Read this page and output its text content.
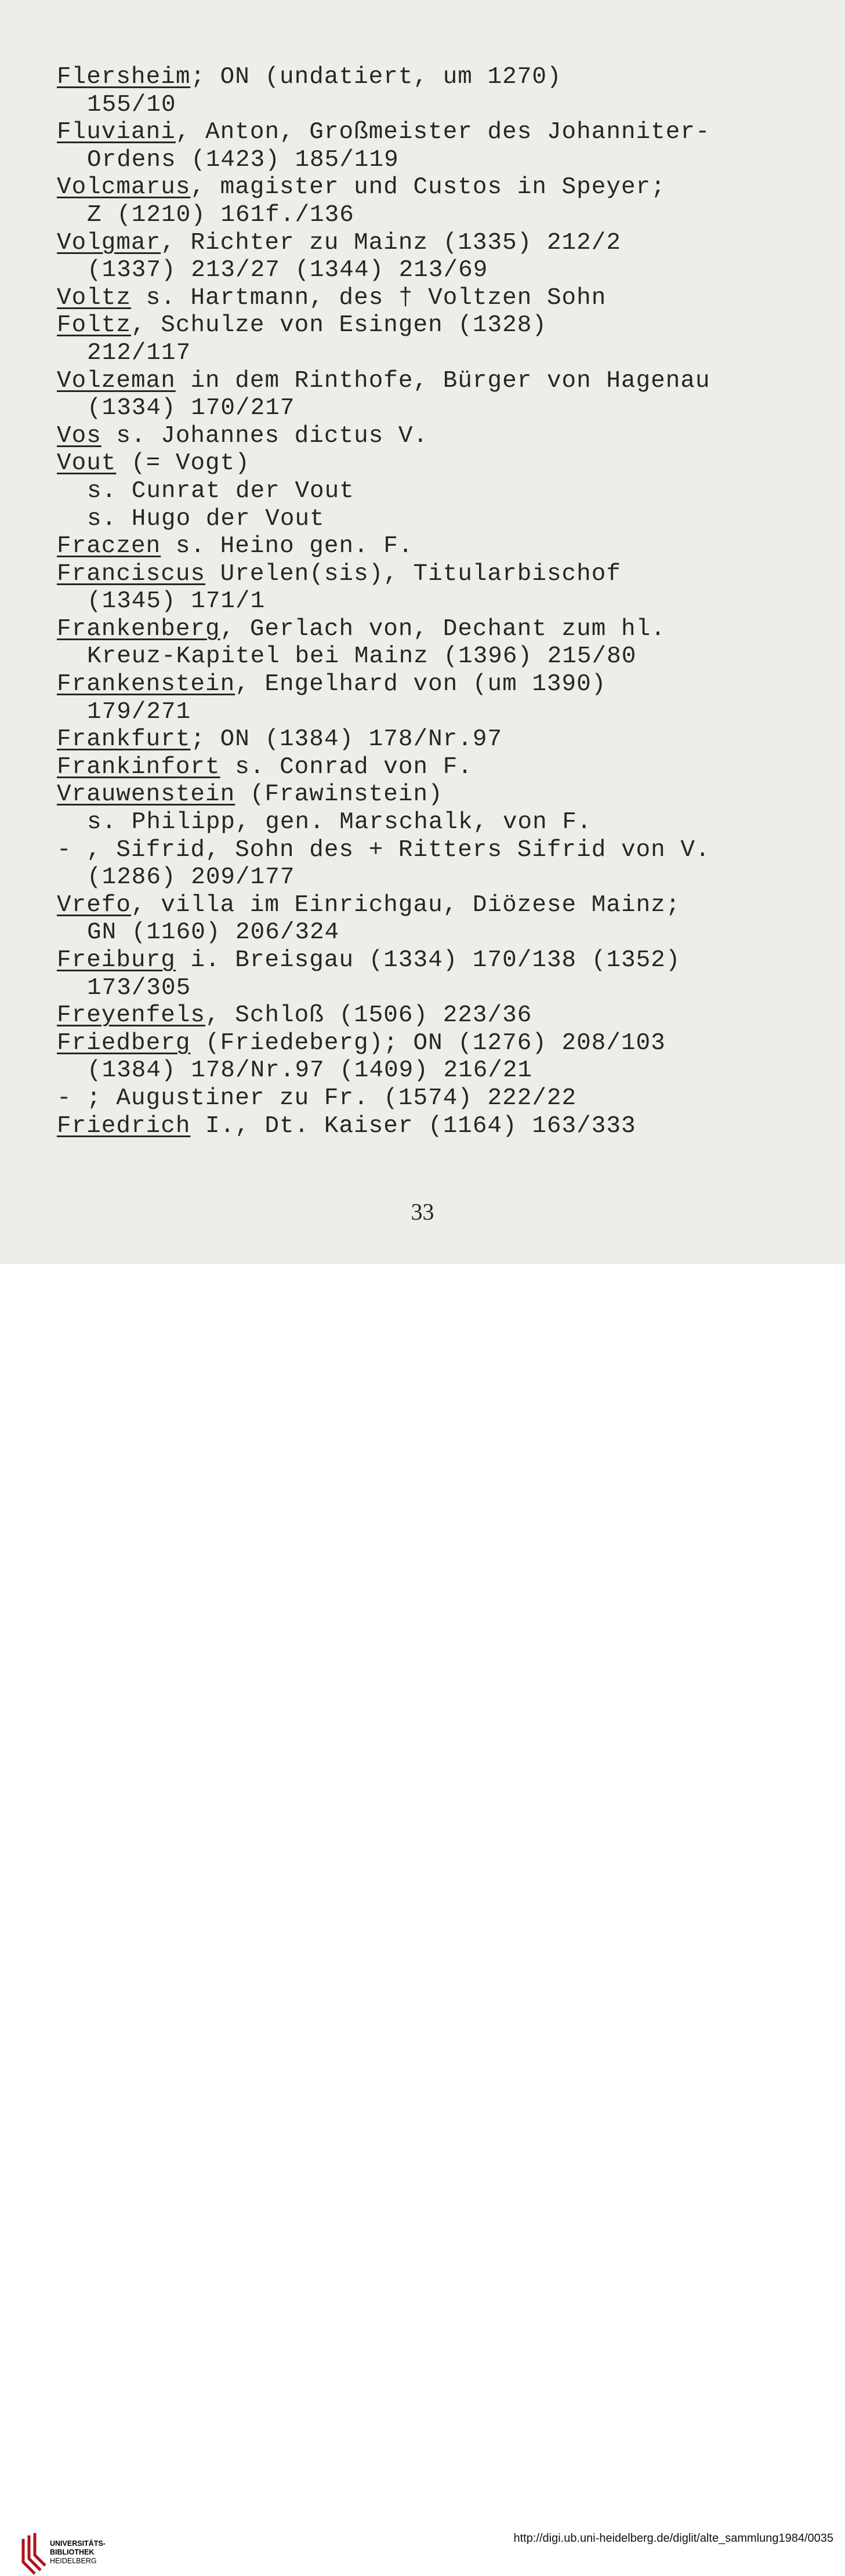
Flersheim; ON (undatiert, um 1270)
155/10
Fluviani, Anton, Großmeister des Johanniter-
Ordens (1423) 185/119
Volcmarus, magister und Custos in Speyer;
Z (1210) 161f./136
Volgmar, Richter zu Mainz (1335) 212/2
(1337) 213/27 (1344) 213/69
Voltz s. Hartmann, des † Voltzen Sohn
Foltz, Schulze von Esingen (1328)
212/117
Volzeman in dem Rinthofe, Bürger von Hagenau
(1334) 170/217
Vos s. Johannes dictus V.
Vout (= Vogt)
s. Cunrat der Vout
s. Hugo der Vout
Fraczen s. Heino gen. F.
Franciscus Urelen(sis), Titularbischof
(1345) 171/1
Frankenberg, Gerlach von, Dechant zum hl.
Kreuz-Kapitel bei Mainz (1396) 215/80
Frankenstein, Engelhard von (um 1390)
179/271
Frankfurt; ON (1384) 178/Nr.97
Frankinfort s. Conrad von F.
Vrauwenstein (Frawinstein)
s. Philipp, gen. Marschalk, von F.
- , Sifrid, Sohn des + Ritters Sifrid von V.
(1286) 209/177
Vrefo, villa im Einrichgau, Diözese Mainz;
GN (1160) 206/324
Freiburg i. Breisgau (1334) 170/138 (1352)
173/305
Freyenfels, Schloß (1506) 223/36
Friedberg (Friedeberg); ON (1276) 208/103
(1384) 178/Nr.97 (1409) 216/21
- ; Augustiner zu Fr. (1574) 222/22
Friedrich I., Dt. Kaiser (1164) 163/333
33
UNIVERSITÄTS-
BIBLIOTHEK
HEIDELBERG
http://digi.ub.uni-heidelberg.de/diglit/alte_sammlung1984/0035
